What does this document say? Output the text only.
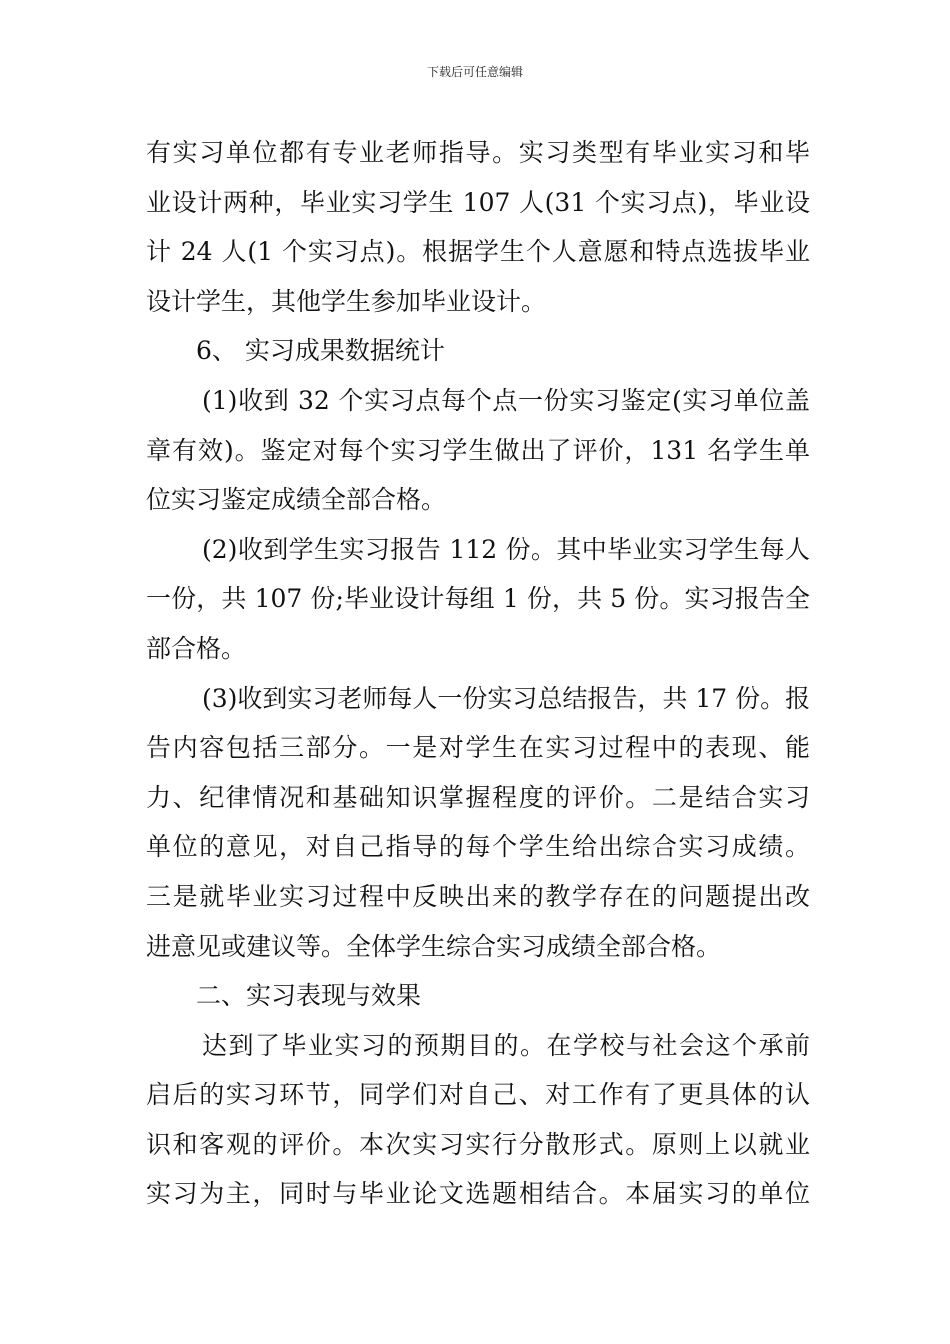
下载后可任意编辑
有实习单位都有专业老师指导。实习类型有毕业实习和毕
业设计两种，毕业实习学生 107 人(31 个实习点)，毕业设
计 24 人(1 个实习点)。根据学生个人意愿和特点选拔毕业
设计学生，其他学生参加毕业设计。
6、 实习成果数据统计
(1)收到 32 个实习点每个点一份实习鉴定(实习单位盖
章有效)。鉴定对每个实习学生做出了评价，131 名学生单
位实习鉴定成绩全部合格。
(2)收到学生实习报告 112 份。其中毕业实习学生每人
一份，共 107 份;毕业设计每组 1 份，共 5 份。实习报告全
部合格。
(3)收到实习老师每人一份实习总结报告，共 17 份。报
告内容包括三部分。一是对学生在实习过程中的表现、能
力、纪律情况和基础知识掌握程度的评价。二是结合实习
单位的意见，对自己指导的每个学生给出综合实习成绩。
三是就毕业实习过程中反映出来的教学存在的问题提出改
进意见或建议等。全体学生综合实习成绩全部合格。
二、实习表现与效果
达到了毕业实习的预期目的。在学校与社会这个承前
启后的实习环节，同学们对自己、对工作有了更具体的认
识和客观的评价。本次实习实行分散形式。原则上以就业
实习为主，同时与毕业论文选题相结合。本届实习的单位
